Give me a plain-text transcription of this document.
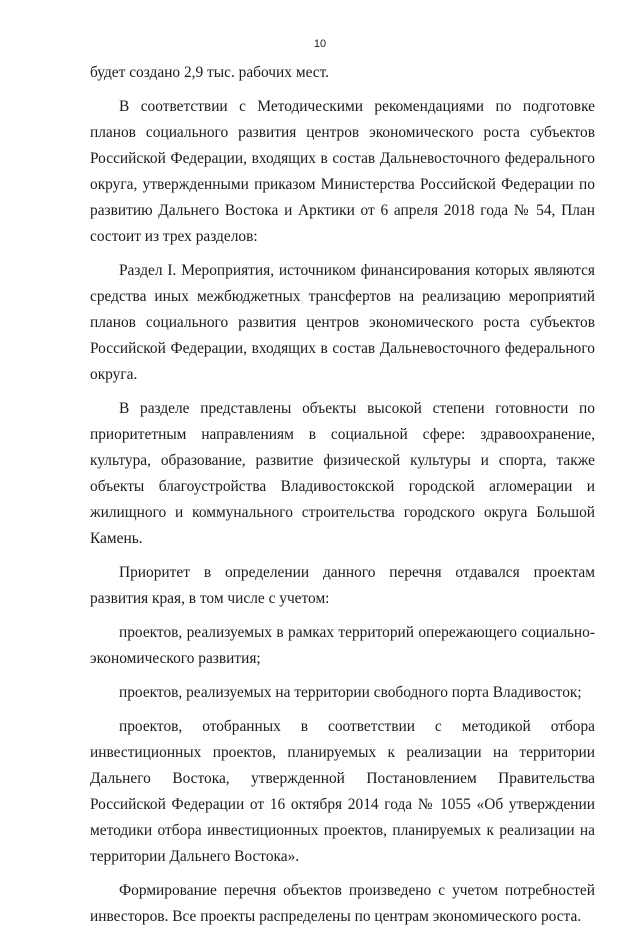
10

будет создано 2,9 тыс. рабочих мест.

В соответствии с Методическими рекомендациями по подготовке планов социального развития центров экономического роста субъектов Российской Федерации, входящих в состав Дальневосточного федерального округа, утвержденными приказом Министерства Российской Федерации по развитию Дальнего Востока и Арктики от 6 апреля 2018 года № 54, План состоит из трех разделов:

Раздел I. Мероприятия, источником финансирования которых являются средства иных межбюджетных трансфертов на реализацию мероприятий планов социального развития центров экономического роста субъектов Российской Федерации, входящих в состав Дальневосточного федерального округа.

В разделе представлены объекты высокой степени готовности по приоритетным направлениям в социальной сфере: здравоохранение, культура, образование, развитие физической культуры и спорта, также объекты благоустройства Владивостокской городской агломерации и жилищного и коммунального строительства городского округа Большой Камень.

Приоритет в определении данного перечня отдавался проектам развития края, в том числе с учетом:

проектов, реализуемых в рамках территорий опережающего социально-экономического развития;

проектов, реализуемых на территории свободного порта Владивосток;

проектов, отобранных в соответствии с методикой отбора инвестиционных проектов, планируемых к реализации на территории Дальнего Востока, утвержденной Постановлением Правительства Российской Федерации от 16 октября 2014 года № 1055 «Об утверждении методики отбора инвестиционных проектов, планируемых к реализации на территории Дальнего Востока».

Формирование перечня объектов произведено с учетом потребностей инвесторов. Все проекты распределены по центрам экономического роста.
